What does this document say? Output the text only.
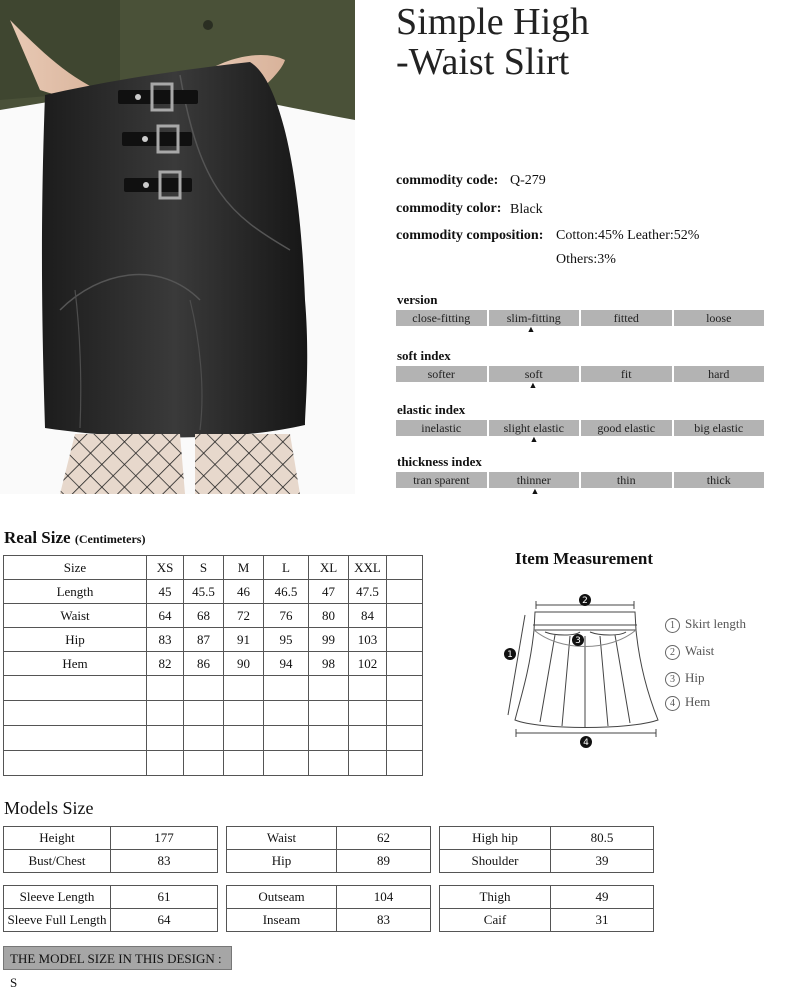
Simple High
-Waist Slirt
commodity code: Q-279
commodity color: Black
commodity composition: Cotton:45% Leather:52%
Others:3%
version
close-fitting	slim-fitting	fitted	loose
▲
soft index
softer	soft	fit	hard
▲
elastic index
inelastic	slight elastic	good elastic	big elastic
▲
thickness index
tran sparent	thinner	thin	thick
▲
Real Size (Centimeters)
Size	XS	S	M	L	XL	XXL	
Length	45	45.5	46	46.5	47	47.5	
Waist	64	68	72	76	80	84	
Hip	83	87	91	95	99	103	
Hem	82	86	90	94	98	102	

Item Measurement
2
3
1
4
1 Skirt length
2 Waist
3 Hip
4 Hem
Models Size
Height	177
Bust/Chest	83
Waist	62
Hip	89
High hip	80.5
Shoulder	39
Sleeve Length	61
Sleeve Full Length	64
Outseam	104
Inseam	83
Thigh	49
Caif	31
THE MODEL SIZE IN THIS DESIGN : S
